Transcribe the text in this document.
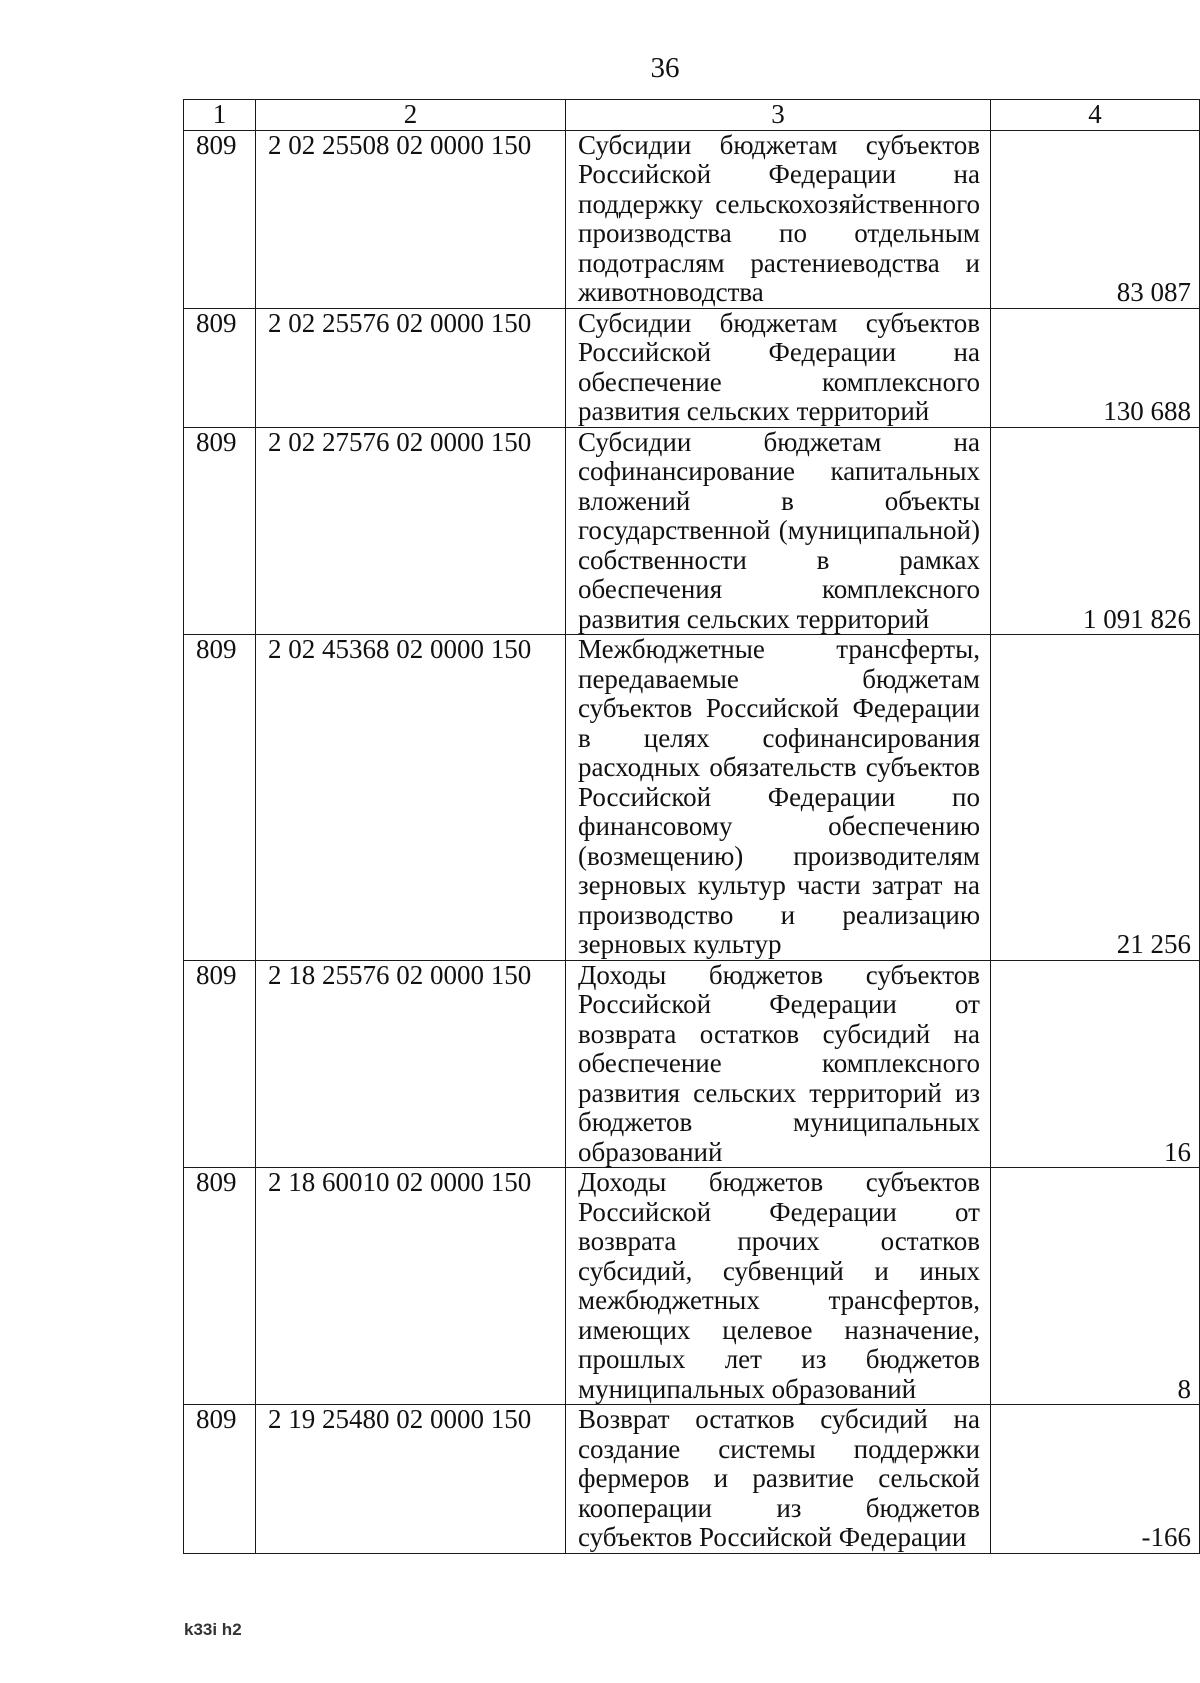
36
1	2	3	4
809	2 02 25508 02 0000 150	Субсидии бюджетам субъектов Российской Федерации на поддержку сельскохозяйственного производства по отдельным подотраслям растениеводства и животноводства	83 087
809	2 02 25576 02 0000 150	Субсидии бюджетам субъектов Российской Федерации на обеспечение комплексного развития сельских территорий	130 688
809	2 02 27576 02 0000 150	Субсидии бюджетам на софинансирование капитальных вложений в объекты государственной (муниципальной) собственности в рамках обеспечения комплексного развития сельских территорий	1 091 826
809	2 02 45368 02 0000 150	Межбюджетные трансферты, передаваемые бюджетам субъектов Российской Федерации в целях софинансирования расходных обязательств субъектов Российской Федерации по финансовому обеспечению (возмещению) производителям зерновых культур части затрат на производство и реализацию зерновых культур	21 256
809	2 18 25576 02 0000 150	Доходы бюджетов субъектов Российской Федерации от возврата остатков субсидий на обеспечение комплексного развития сельских территорий из бюджетов муниципальных образований	16
809	2 18 60010 02 0000 150	Доходы бюджетов субъектов Российской Федерации от возврата прочих остатков субсидий, субвенций и иных межбюджетных трансфертов, имеющих целевое назначение, прошлых лет из бюджетов муниципальных образований	8
809	2 19 25480 02 0000 150	Возврат остатков субсидий на создание системы поддержки фермеров и развитие сельской кооперации из бюджетов субъектов Российской Федерации	-166
k33i h2
